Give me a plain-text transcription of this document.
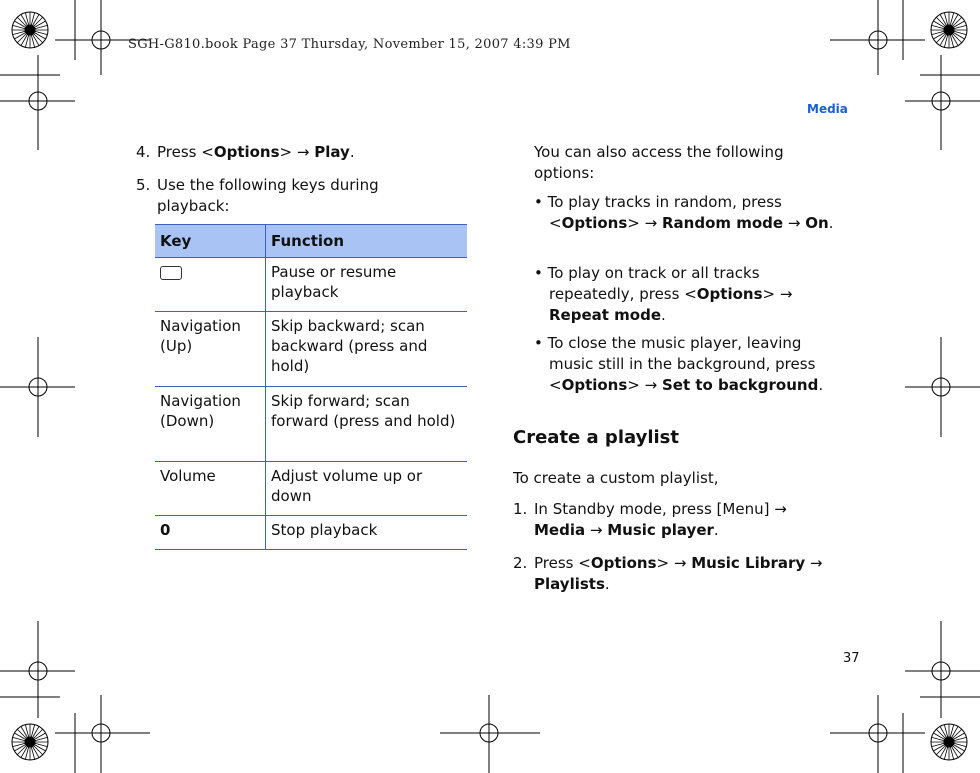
SGH-G810.book Page 37 Thursday, November 15, 2007 4:39 PM
Media
4. Press <Options> → Play.
5. Use the following keys during playback:
Key	Function
	Pause or resume playback
Navigation (Up)	Skip backward; scan backward (press and hold)
Navigation (Down)	Skip forward; scan forward (press and hold)
Volume	Adjust volume up or down
0	Stop playback
You can also access the following options:
• To play tracks in random, press <Options> → Random mode → On.
• To play on track or all tracks repeatedly, press <Options> → Repeat mode.
• To close the music player, leaving music still in the background, press <Options> → Set to background.
Create a playlist
To create a custom playlist,
1. In Standby mode, press [Menu] → Media → Music player.
2. Press <Options> → Music Library → Playlists.
37
